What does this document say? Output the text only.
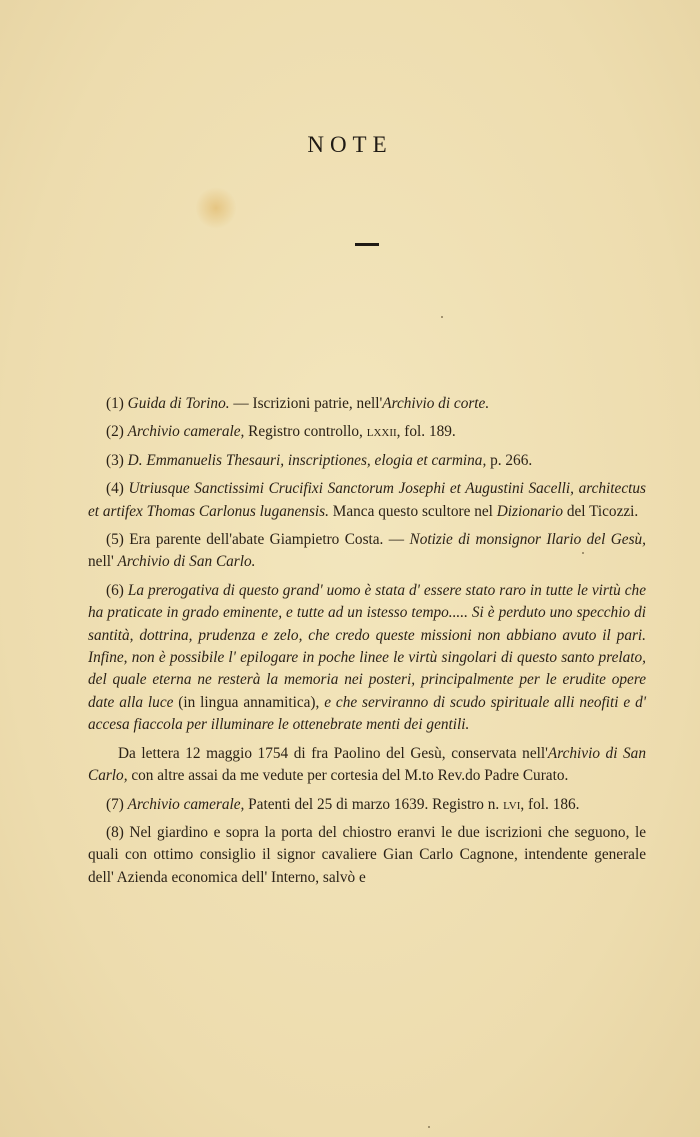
NOTE
(1) Guida di Torino. — Iscrizioni patrie, nell'Archivio di corte.
(2) Archivio camerale, Registro controllo, lxxii, fol. 189.
(3) D. Emmanuelis Thesauri, inscriptiones, elogia et carmina, p. 266.
(4) Utriusque Sanctissimi Crucifixi Sanctorum Josephi et Augustini Sacelli, architectus et artifex Thomas Carlonus luganensis. Manca questo scultore nel Dizionario del Ticozzi.
(5) Era parente dell'abate Giampietro Costa. — Notizie di monsignor Ilario del Gesù, nell' Archivio di San Carlo.
(6) La prerogativa di questo grand' uomo è stata d' essere stato raro in tutte le virtù che ha praticate in grado eminente, e tutte ad un istesso tempo..... Si è perduto uno specchio di santità, dottrina, prudenza e zelo, che credo queste missioni non abbiano avuto il pari. Infine, non è possibile l' epilogare in poche linee le virtù singolari di questo santo prelato, del quale eterna ne resterà la memoria nei posteri, principalmente per le erudite opere date alla luce (in lingua annamitica), e che serviranno di scudo spirituale alli neofiti e d' accesa fiaccola per illuminare le ottenebrate menti dei gentili.
Da lettera 12 maggio 1754 di fra Paolino del Gesù, conservata nell'Archivio di San Carlo, con altre assai da me vedute per cortesia del M.to Rev.do Padre Curato.
(7) Archivio camerale, Patenti del 25 di marzo 1639. Registro n. lvi, fol. 186.
(8) Nel giardino e sopra la porta del chiostro eranvi le due iscrizioni che seguono, le quali con ottimo consiglio il signor cavaliere Gian Carlo Cagnone, intendente generale dell' Azienda economica dell' Interno, salvò e
